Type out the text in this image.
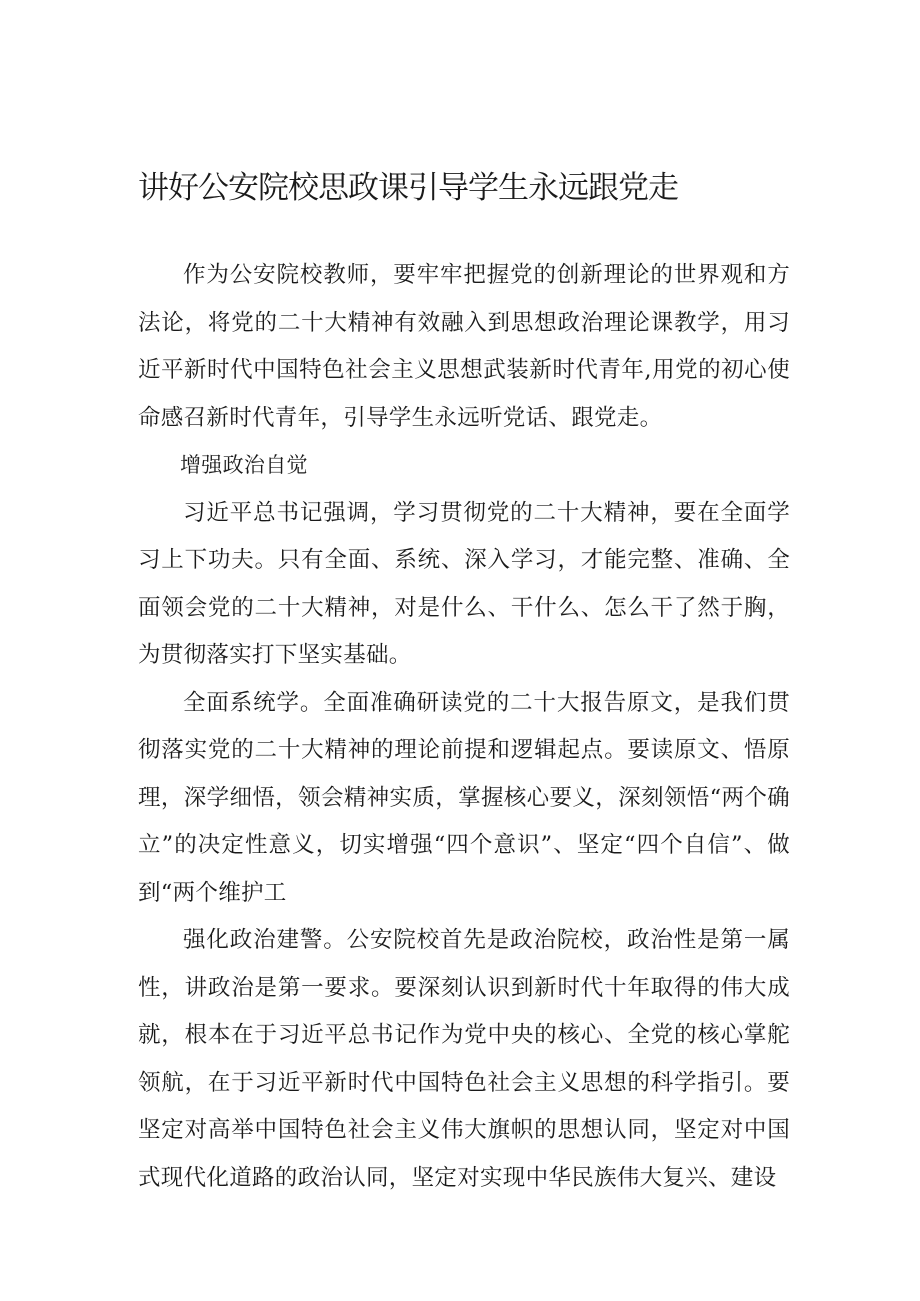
讲好公安院校思政课引导学生永远跟党走

作为公安院校教师，要牢牢把握党的创新理论的世界观和方法论，将党的二十大精神有效融入到思想政治理论课教学，用习近平新时代中国特色社会主义思想武装新时代青年,用党的初心使命感召新时代青年，引导学生永远听党话、跟党走。

增强政治自觉

习近平总书记强调，学习贯彻党的二十大精神，要在全面学习上下功夫。只有全面、系统、深入学习，才能完整、准确、全面领会党的二十大精神，对是什么、干什么、怎么干了然于胸，为贯彻落实打下坚实基础。

全面系统学。全面准确研读党的二十大报告原文，是我们贯彻落实党的二十大精神的理论前提和逻辑起点。要读原文、悟原理，深学细悟，领会精神实质，掌握核心要义，深刻领悟“两个确立”的决定性意义，切实增强“四个意识”、坚定“四个自信”、做到“两个维护工

强化政治建警。公安院校首先是政治院校，政治性是第一属性，讲政治是第一要求。要深刻认识到新时代十年取得的伟大成就，根本在于习近平总书记作为党中央的核心、全党的核心掌舵领航，在于习近平新时代中国特色社会主义思想的科学指引。要坚定对高举中国特色社会主义伟大旗帜的思想认同，坚定对中国式现代化道路的政治认同，坚定对实现中华民族伟大复兴、建设
